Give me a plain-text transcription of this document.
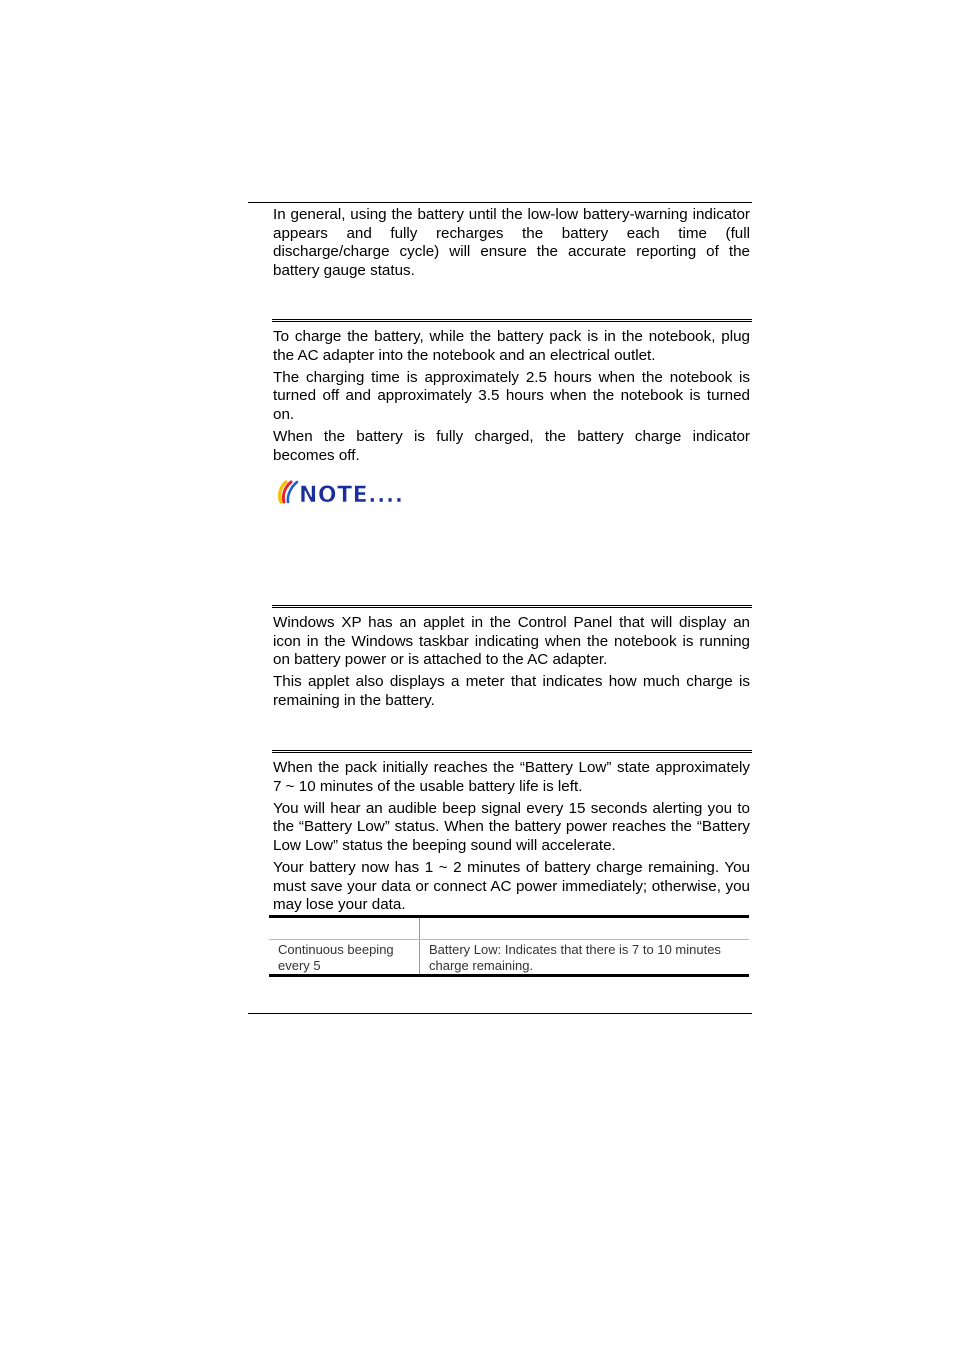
In general, using the battery until the low-low battery-warning indicator appears and fully recharges the battery each time (full discharge/charge cycle) will ensure the accurate reporting of the battery gauge status.

To charge the battery, while the battery pack is in the notebook, plug the AC adapter into the notebook and an electrical outlet.

The charging time is approximately 2.5 hours when the notebook is turned off and approximately 3.5 hours when the notebook is turned on.

When the battery is fully charged, the battery charge indicator becomes off.

NOTE....

Windows XP has an applet in the Control Panel that will display an icon in the Windows taskbar indicating when the notebook is running on battery power or is attached to the AC adapter.

This applet also displays a meter that indicates how much charge is remaining in the battery.

When the pack initially reaches the “Battery Low” state approximately 7 ~ 10 minutes of the usable battery life is left.

You will hear an audible beep signal every 15 seconds alerting you to the “Battery Low” status. When the battery power reaches the “Battery Low Low” status the beeping sound will accelerate.

Your battery now has 1 ~ 2 minutes of battery charge remaining. You must save your data or connect AC power immediately; otherwise, you may lose your data.

Continuous beeping every 5	Battery Low: Indicates that there is 7 to 10 minutes charge remaining.
